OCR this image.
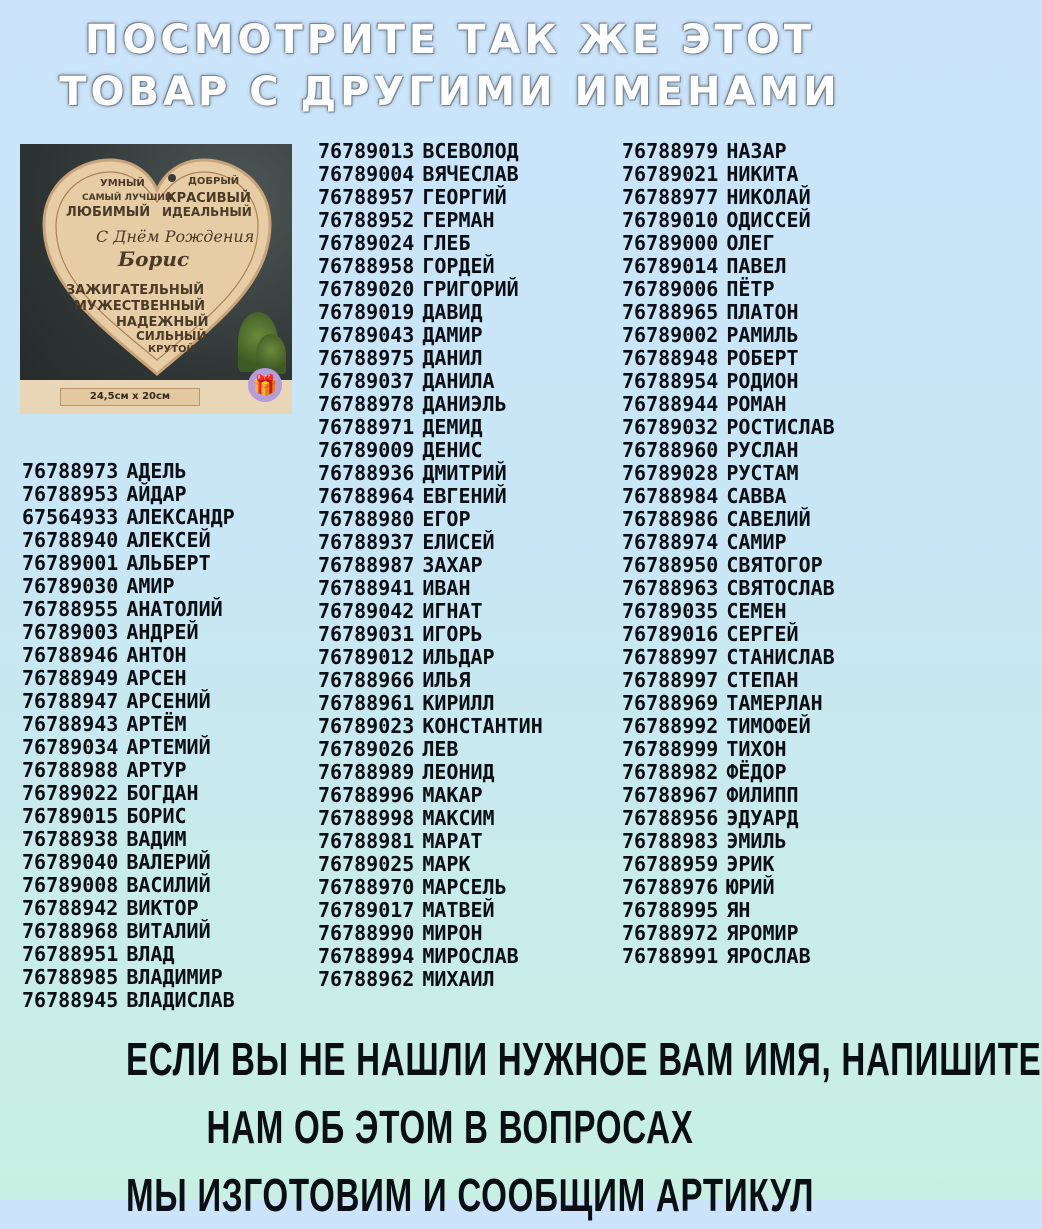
ПОСМОТРИТЕ ТАК ЖЕ ЭТОТ
ТОВАР С ДРУГИМИ ИМЕНАМИ
УМНЫЙ	ДОБРЫЙ
САМЫЙ ЛУЧШИЙ
КРАСИВЫЙ
ЛЮБИМЫЙ ИДЕАЛЬНЫЙ
С Днём Рождения
Борис
ЗАЖИГАТЕЛЬНЫЙ
МУЖЕСТВЕННЫЙ
НАДЕЖНЫЙ
СИЛЬНЫЙ
КРУТОЙ
24,5см х 20см	🎁
76788973 АДЕЛЬ
76788953 АЙДАР
67564933 АЛЕКСАНДР
76788940 АЛЕКСЕЙ
76789001 АЛЬБЕРТ
76789030 АМИР
76788955 АНАТОЛИЙ
76789003 АНДРЕЙ
76788946 АНТОН
76788949 АРСЕН
76788947 АРСЕНИЙ
76788943 АРТЁМ
76789034 АРТЕМИЙ
76788988 АРТУР
76789022 БОГДАН
76789015 БОРИС
76788938 ВАДИМ
76789040 ВАЛЕРИЙ
76789008 ВАСИЛИЙ
76788942 ВИКТОР
76788968 ВИТАЛИЙ
76788951 ВЛАД
76788985 ВЛАДИМИР
76788945 ВЛАДИСЛАВ
76789013 ВСЕВОЛОД
76789004 ВЯЧЕСЛАВ
76788957 ГЕОРГИЙ
76788952 ГЕРМАН
76789024 ГЛЕБ
76788958 ГОРДЕЙ
76789020 ГРИГОРИЙ
76789019 ДАВИД
76789043 ДАМИР
76788975 ДАНИЛ
76789037 ДАНИЛА
76788978 ДАНИЭЛЬ
76788971 ДЕМИД
76789009 ДЕНИС
76788936 ДМИТРИЙ
76788964 ЕВГЕНИЙ
76788980 ЕГОР
76788937 ЕЛИСЕЙ
76788987 ЗАХАР
76788941 ИВАН
76789042 ИГНАТ
76789031 ИГОРЬ
76789012 ИЛЬДАР
76788966 ИЛЬЯ
76788961 КИРИЛЛ
76789023 КОНСТАНТИН
76789026 ЛЕВ
76788989 ЛЕОНИД
76788996 МАКАР
76788998 МАКСИМ
76788981 МАРАТ
76789025 МАРК
76788970 МАРСЕЛЬ
76789017 МАТВЕЙ
76788990 МИРОН
76788994 МИРОСЛАВ
76788962 МИХАИЛ
76788979 НАЗАР
76789021 НИКИТА
76788977 НИКОЛАЙ
76789010 ОДИССЕЙ
76789000 ОЛЕГ
76789014 ПАВЕЛ
76789006 ПЁТР
76788965 ПЛАТОН
76789002 РАМИЛЬ
76788948 РОБЕРТ
76788954 РОДИОН
76788944 РОМАН
76789032 РОСТИСЛАВ
76788960 РУСЛАН
76789028 РУСТАМ
76788984 САВВА
76788986 САВЕЛИЙ
76788974 САМИР
76788950 СВЯТОГОР
76788963 СВЯТОСЛАВ
76789035 СЕМЕН
76789016 СЕРГЕЙ
76788997 СТАНИСЛАВ
76788997 СТЕПАН
76788969 ТАМЕРЛАН
76788992 ТИМОФЕЙ
76788999 ТИХОН
76788982 ФЁДОР
76788967 ФИЛИПП
76788956 ЭДУАРД
76788983 ЭМИЛЬ
76788959 ЭРИК
76788976 ЮРИЙ
76788995 ЯН
76788972 ЯРОМИР
76788991 ЯРОСЛАВ
ЕСЛИ ВЫ НЕ НАШЛИ НУЖНОЕ ВАМ ИМЯ, НАПИШИТЕ
НАМ ОБ ЭТОМ В ВОПРОСАХ
МЫ ИЗГОТОВИМ И СООБЩИМ АРТИКУЛ
